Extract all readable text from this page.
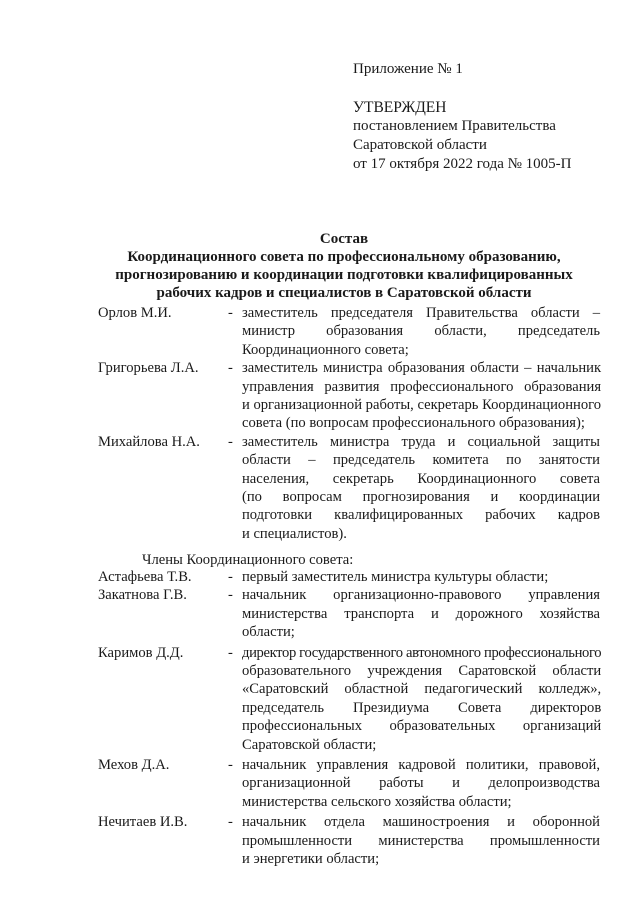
Приложение № 1
УТВЕРЖДЕН
постановлением Правительства
Саратовской области
от 17 октября 2022 года № 1005-П
Состав
Координационного совета по профессиональному образованию,
прогнозированию и координации подготовки квалифицированных
рабочих кадров и специалистов в Саратовской области
Орлов М.И.	- заместитель председателя Правительства области –
министр образования области, председатель
Координационного совета;
Григорьева Л.А.	- заместитель министра образования области – начальник
управления развития профессионального образования
и организационной работы, секретарь Координационного
совета (по вопросам профессионального образования);
Михайлова Н.А.	- заместитель министра труда и социальной защиты
области – председатель комитета по занятости
населения, секретарь Координационного совета
(по вопросам прогнозирования и координации
подготовки квалифицированных рабочих кадров
и специалистов).
Члены Координационного совета:
Астафьева Т.В.	- первый заместитель министра культуры области;
Закатнова Г.В.	- начальник организационно-правового управления
министерства транспорта и дорожного хозяйства
области;
Каримов Д.Д.	- директор государственного автономного профессионального
образовательного учреждения Саратовской области
«Саратовский областной педагогический колледж»,
председатель Президиума Совета директоров
профессиональных образовательных организаций
Саратовской области;
Мехов Д.А.	- начальник управления кадровой политики, правовой,
организационной работы и делопроизводства
министерства сельского хозяйства области;
Нечитаев И.В.	- начальник отдела машиностроения и оборонной
промышленности министерства промышленности
и энергетики области;
